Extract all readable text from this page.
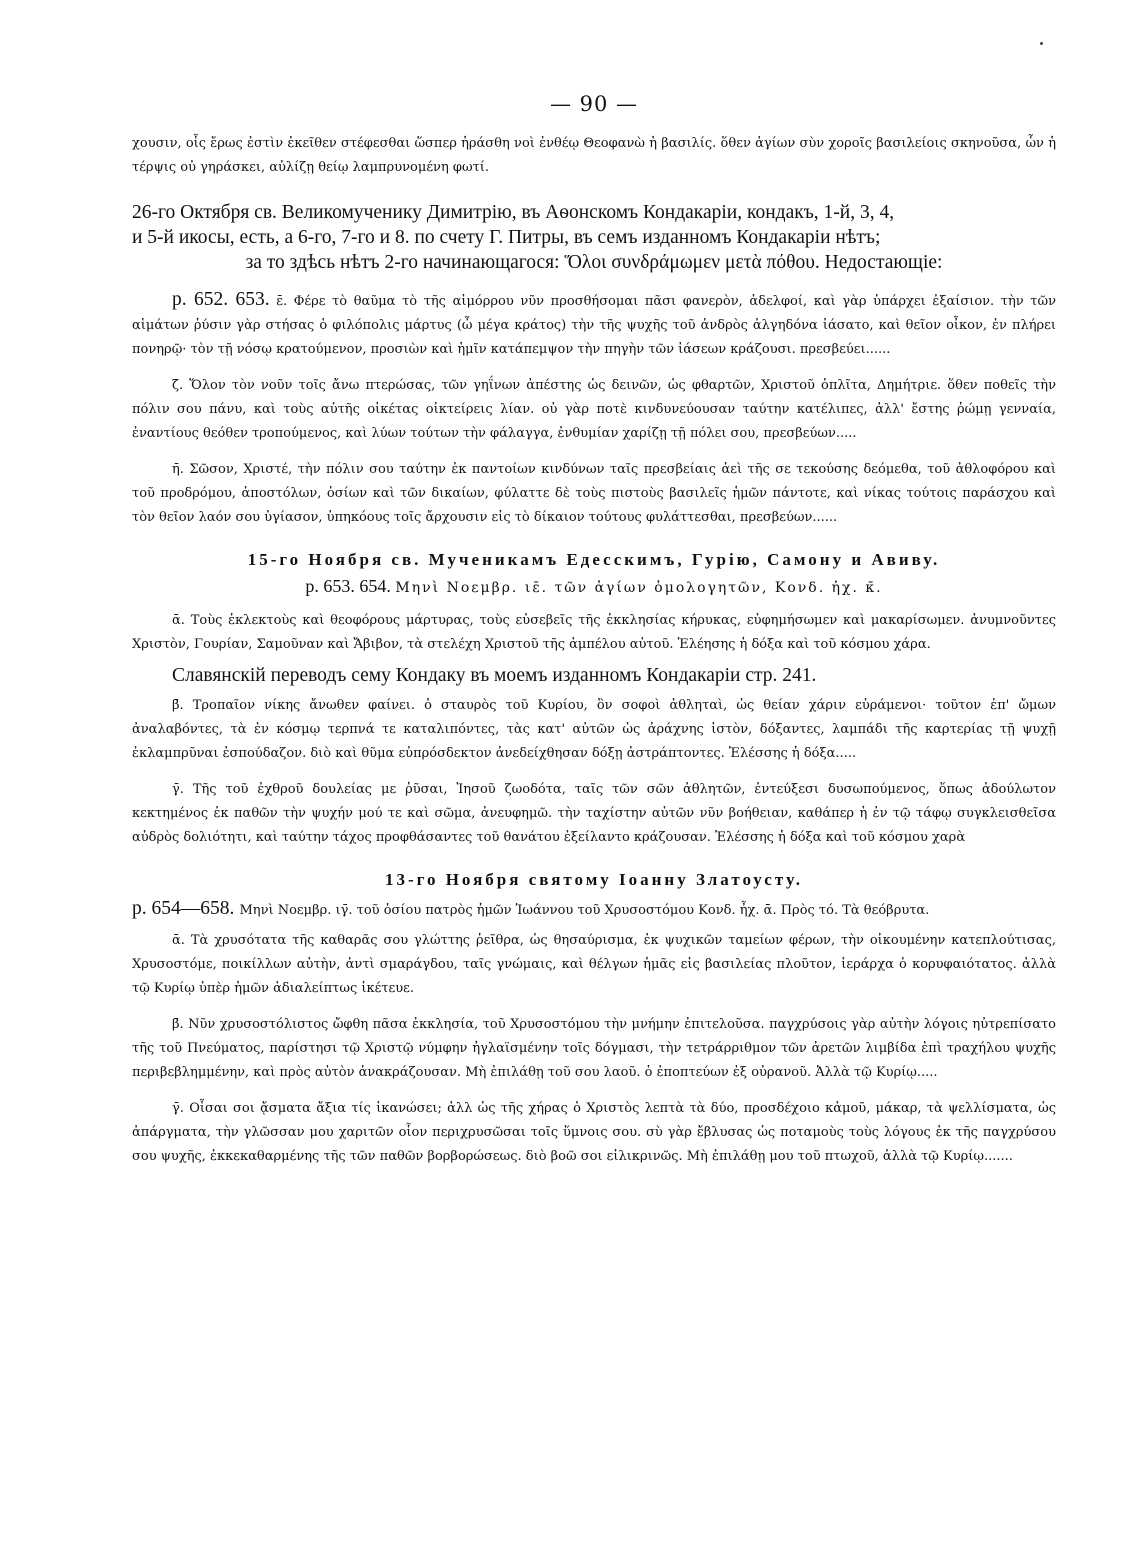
— 90 —

χουσιν, οἷς ἔρως ἐστὶν ἐκεῖθεν στέφεσθαι ὥσπερ ἠράσθη νοὶ ἐνθέῳ Θεοφανὼ ἡ βασιλίς. ὅθεν ἁγίων σὺν χοροῖς βασιλείοις σκηνοῦσα, ὧν ἡ τέρψις οὐ γηράσκει, αὐλίζῃ θείῳ λαμπρυνομένη φωτί.

26-го Октября св. Великомученику Димитрію, въ Аѳонскомъ Кондакаріи, кондакъ, 1-й, 3, 4,
и 5-й икосы, есть, а 6-го, 7-го и 8. по счету Г. Питры, въ семъ изданномъ Кондакаріи нѣтъ;
за то здѣсь нѣтъ 2-го начинающагося: Ὅλοι συνδράμωμεν μετὰ πόθου. Недостающіе:

р. 652. 653. ε̄. Φέρε τὸ θαῦμα τὸ τῆς αἱμόρρου νῦν προσθήσομαι πᾶσι φανερὸν, ἀδελφοί, καὶ γὰρ ὑπάρχει ἐξαίσιον. τὴν τῶν αἱμάτων ῥύσιν γὰρ στήσας ὁ φιλόπολις μάρτυς (ὦ μέγα κράτος) τὴν τῆς ψυχῆς τοῦ ἀνδρὸς ἀλγηδόνα ἰάσατο, καὶ θεῖον οἶκον, ἐν πλήρει πονηρῷ· τὸν τῇ νόσῳ κρατούμενον, προσιὼν καὶ ἡμῖν κατάπεμψον τὴν πηγὴν τῶν ἰάσεων κράζουσι. πρεσβεύει......

ζ̄. Ὅλον τὸν νοῦν τοῖς ἄνω πτερώσας, τῶν γηΐνων ἀπέστης ὡς δεινῶν, ὡς φθαρτῶν, Χριστοῦ ὁπλῖτα, Δημήτριε. ὅθεν ποθεῖς τὴν πόλιν σου πάνυ, καὶ τοὺς αὐτῆς οἰκέτας οἰκτείρεις λίαν. οὐ γὰρ ποτὲ κινδυνεύουσαν ταύτην κατέλιπες, ἀλλ' ἔστης ῥώμῃ γενναία, ἐναντίους θεόθεν τροπούμενος, καὶ λύων τούτων τὴν φάλαγγα, ἐνθυμίαν χαρίζῃ τῇ πόλει σου, πρεσβεύων.....

η̄. Σῶσον, Χριστέ, τὴν πόλιν σου ταύτην ἐκ παντοίων κινδύνων ταῖς πρεσβείαις ἀεὶ τῆς σε τεκούσης δεόμεθα, τοῦ ἀθλοφόρου καὶ τοῦ προδρόμου, ἀποστόλων, ὁσίων καὶ τῶν δικαίων, φύλαττε δὲ τοὺς πιστοὺς βασιλεῖς ἡμῶν πάντοτε, καὶ νίκας τούτοις παράσχου καὶ τὸν θεῖον λαόν σου ὑγίασον, ὑπηκόους τοῖς ἄρχουσιν εἰς τὸ δίκαιον τούτους φυλάττεσθαι, πρεσβεύων......

15-го Ноября св. Мученикамъ Едесскимъ, Гурію, Самону и Авиву.
р. 653. 654. Μηνὶ Νοεμβρ. ιε̄. τῶν ἁγίων ὁμολογητῶν, Κονδ. ἠχ. κ̄.

ᾱ. Τοὺς ἐκλεκτοὺς καὶ θεοφόρους μάρτυρας, τοὺς εὐσεβεῖς τῆς ἐκκλησίας κήρυκας, εὐφημήσωμεν καὶ μακαρίσωμεν. ἀνυμνοῦντες Χριστὸν, Γουρίαν, Σαμοῦναν καὶ Ἄβιβον, τὰ στελέχη Χριστοῦ τῆς ἀμπέλου αὐτοῦ. Ἐλέησης ἡ δόξα καὶ τοῦ κόσμου χάρα.

Славянскій переводъ сему Кондаку въ моемъ изданномъ Кондакаріи стр. 241.

β̄. Τροπαῖον νίκης ἄνωθεν φαίνει. ὁ σταυρὸς τοῦ Κυρίου, ὃν σοφοὶ ἀθληταὶ, ὡς θείαν χάριν εὑράμενοι· τοῦτον ἐπ' ὤμων ἀναλαβόντες, τὰ ἐν κόσμῳ τερπνά τε καταλιπόντες, τὰς κατ' αὐτῶν ὡς ἀράχνης ἱστὸν, δόξαντες, λαμπάδι τῆς καρτερίας τῇ ψυχῇ ἐκλαμπρῦναι ἐσπούδαζον. διὸ καὶ θῦμα εὐπρόσδεκτον ἀνεδείχθησαν δόξῃ ἀστράπτοντες. Ἐλέσσης ἡ δόξα.....

γ̄. Τῆς τοῦ ἐχθροῦ δουλείας με ῥῦσαι, Ἰησοῦ ζωοδότα, ταῖς τῶν σῶν ἀθλητῶν, ἐντεύξεσι δυσωπούμενος, ὅπως ἀδούλωτον κεκτημένος ἐκ παθῶν τὴν ψυχήν μού τε καὶ σῶμα, ἀνευφημῶ. τὴν ταχίστην αὐτῶν νῦν βοήθειαν, καθάπερ ἡ ἐν τῷ τάφῳ συγκλεισθεῖσα αὐδρὸς δολιότητι, καὶ ταύτην τάχος προφθάσαντες τοῦ θανάτου ἐξείλαντο κράζουσαν. Ἐλέσσης ἡ δόξα καὶ τοῦ κόσμου χαρὰ

13-го Ноября святому Іоанну Златоусту.
р. 654—658. Μηνὶ Νοεμβρ. ιγ̄. τοῦ ὁσίου πατρὸς ἡμῶν Ἰωάννου τοῦ Χρυσοστόμου Κονδ. ἦχ. ᾱ. Πρὸς τό. Τὰ θεόβρυτα.

ᾱ. Τὰ χρυσότατα τῆς καθαρᾶς σου γλώττης ῥεῖθρα, ὡς θησαύρισμα, ἐκ ψυχικῶν ταμείων φέρων, τὴν οἰκουμένην κατεπλούτισας, Χρυσοστόμε, ποικίλλων αὐτὴν, ἀντὶ σμαράγδου, ταῖς γνώμαις, καὶ θέλγων ἡμᾶς εἰς βασιλείας πλοῦτον, ἱεράρχα ὁ κορυφαιότατος. ἀλλὰ τῷ Κυρίῳ ὑπὲρ ἡμῶν ἀδιαλείπτως ἱκέτευε.

β̄. Νῦν χρυσοστόλιστος ὤφθη πᾶσα ἐκκλησία, τοῦ Χρυσοστόμου τὴν μνήμην ἐπιτελοῦσα. παγχρύσοις γὰρ αὐτὴν λόγοις ηὐτρεπίσατο τῆς τοῦ Πνεύματος, παρίστησι τῷ Χριστῷ νύμφην ἠγλαϊσμένην τοῖς δόγμασι, τὴν τετράρριθμον τῶν ἀρετῶν λιμβίδα ἐπὶ τραχήλου ψυχῆς περιβεβλημμένην, καὶ πρὸς αὐτὸν ἀνακράζουσαν. Μὴ ἐπιλάθῃ τοῦ σου λαοῦ. ὁ ἐποπτεύων ἐξ οὐρανοῦ. Ἀλλὰ τῷ Κυρίῳ.....

γ̄. Οἷσαι σοι ᾄσματα ἄξια τίς ἱκανώσει; ἀλλ ὡς τῆς χήρας ὁ Χριστὸς λεπτὰ τὰ δύο, προσδέχοιο κἀμοῦ, μάκαρ, τὰ ψελλίσματα, ὡς ἀπάργματα, τὴν γλῶσσαν μου χαριτῶν οἷον περιχρυσῶσαι τοῖς ὕμνοις σου. σὺ γὰρ ἔβλυσας ὡς ποταμοὺς τοὺς λόγους ἐκ τῆς παγχρύσου σου ψυχῆς, ἐκκεκαθαρμένης τῆς τῶν παθῶν βορβορώσεως. διὸ βοῶ σοι εἰλικρινῶς. Μὴ ἐπιλάθῃ μου τοῦ πτωχοῦ, ἀλλὰ τῷ Κυρίῳ.......
